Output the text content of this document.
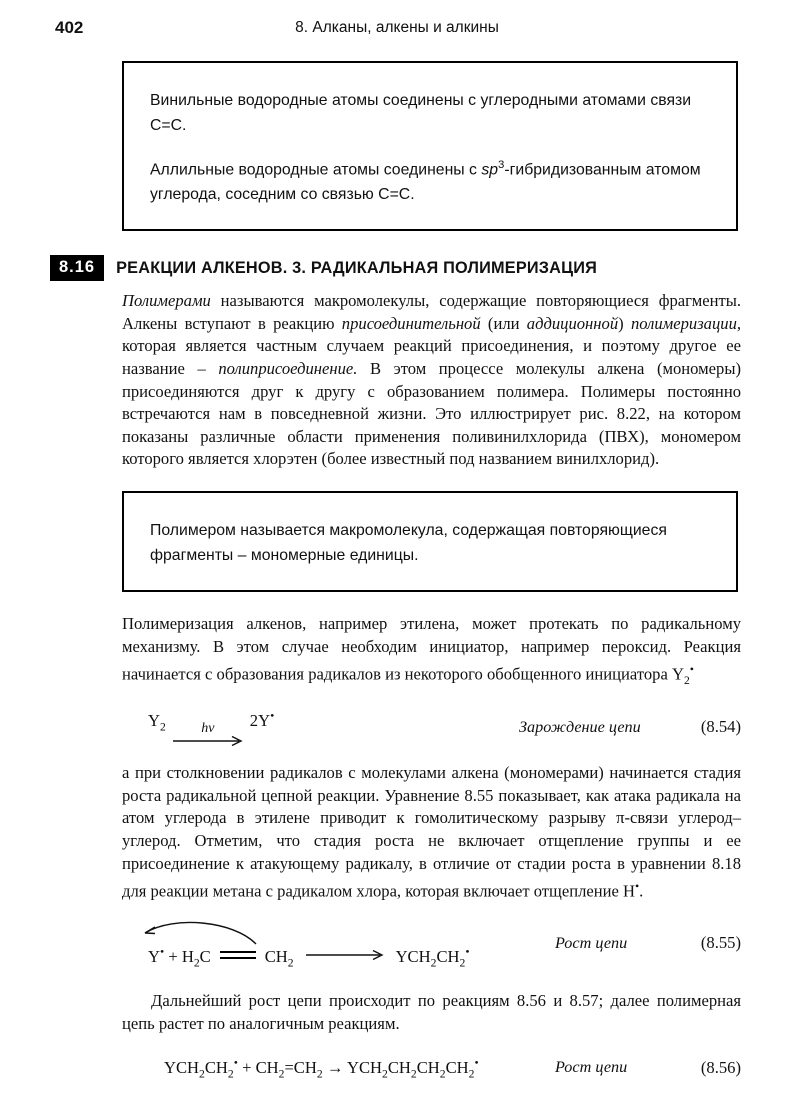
402	8. Алканы, алкены и алкины

Винильные водородные атомы соединены с углеродными атомами связи C=C.

Аллильные водородные атомы соединены с $sp^3$-гибридизованным атомом углерода, соседним со связью C=C.

8.16	РЕАКЦИИ АЛКЕНОВ. 3. РАДИКАЛЬНАЯ ПОЛИМЕРИЗАЦИЯ

Полимерами называются макромолекулы, содержащие повторяющиеся фрагменты. Алкены вступают в реакцию присоединительной (или аддиционной) полимеризации, которая является частным случаем реакций присоединения, и поэтому другое ее название – полиприсоединение. В этом процессе молекулы алкена (мономеры) присоединяются друг к другу с образованием полимера. Полимеры постоянно встречаются нам в повседневной жизни. Это иллюстрирует рис. 8.22, на котором показаны различные области применения поливинилхлорида (ПВХ), мономером которого является хлорэтен (более известный под названием винилхлорид).

Полимером называется макромолекула, содержащая повторяющиеся фрагменты – мономерные единицы.

Полимеризация алкенов, например этилена, может протекать по радикальному механизму. В этом случае необходим инициатор, например пероксид. Реакция начинается с образования радикалов из некоторого обобщенного инициатора $Y_2^•$

$Y_2$	hν 2Y•
Зарождение цепи	(8.54)

а при столкновении радикалов с молекулами алкена (мономерами) начинается стадия роста радикальной цепной реакции. Уравнение 8.55 показывает, как атака радикала на атом углерода в этилене приводит к гомолитическому разрыву π-связи углерод–углерод. Отметим, что стадия роста не включает отщепление группы и ее присоединение к атакующему радикалу, в отличие от стадии роста в уравнении 8.18 для реакции метана с радикалом хлора, которая включает отщепление H•.

$Y^• + H_2C$	$CH_2$	$YCH_2CH_2^•$	Рост цепи	(8.55)

Дальнейший рост цепи происходит по реакциям 8.56 и 8.57; далее полимерная цепь растет по аналогичным реакциям.

$YCH_2CH_2^• + CH_2=CH_2 \to YCH_2CH_2CH_2CH_2^•$	Рост цепи	(8.56)
